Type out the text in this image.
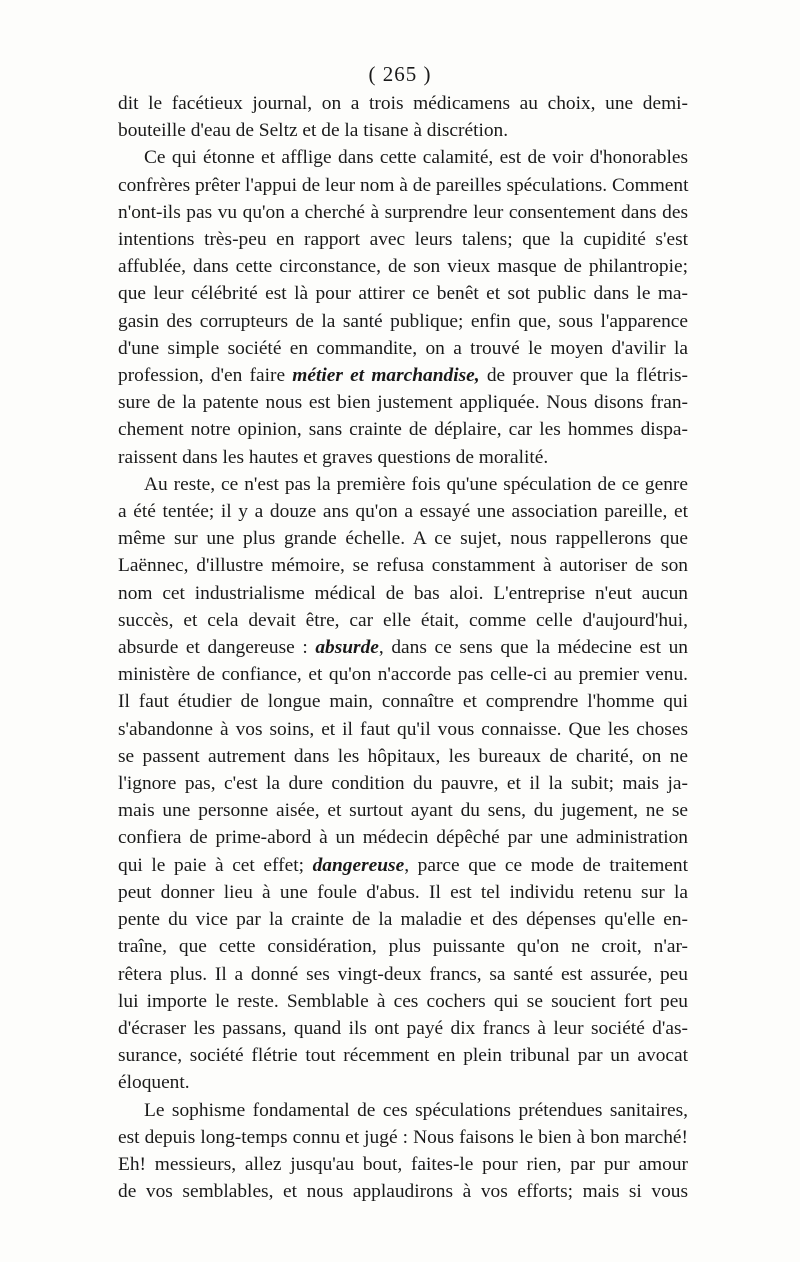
( 265 )

dit le facétieux journal, on a trois médicamens au choix, une demi-
bouteille d'eau de Seltz et de la tisane à discrétion.

Ce qui étonne et afflige dans cette calamité, est de voir d'honorables
confrères prêter l'appui de leur nom à de pareilles spéculations. Comment
n'ont-ils pas vu qu'on a cherché à surprendre leur consentement dans des
intentions très-peu en rapport avec leurs talens; que la cupidité s'est
affublée, dans cette circonstance, de son vieux masque de philantropie;
que leur célébrité est là pour attirer ce benêt et sot public dans le ma-
gasin des corrupteurs de la santé publique; enfin que, sous l'apparence
d'une simple société en commandite, on a trouvé le moyen d'avilir la
profession, d'en faire métier et marchandise, de prouver que la flétris-
sure de la patente nous est bien justement appliquée. Nous disons fran-
chement notre opinion, sans crainte de déplaire, car les hommes dispa-
raissent dans les hautes et graves questions de moralité.

Au reste, ce n'est pas la première fois qu'une spéculation de ce genre
a été tentée; il y a douze ans qu'on a essayé une association pareille, et
même sur une plus grande échelle. A ce sujet, nous rappellerons que
Laënnec, d'illustre mémoire, se refusa constamment à autoriser de son
nom cet industrialisme médical de bas aloi. L'entreprise n'eut aucun
succès, et cela devait être, car elle était, comme celle d'aujourd'hui,
absurde et dangereuse : absurde, dans ce sens que la médecine est un
ministère de confiance, et qu'on n'accorde pas celle-ci au premier venu.
Il faut étudier de longue main, connaître et comprendre l'homme qui
s'abandonne à vos soins, et il faut qu'il vous connaisse. Que les choses
se passent autrement dans les hôpitaux, les bureaux de charité, on ne
l'ignore pas, c'est la dure condition du pauvre, et il la subit; mais ja-
mais une personne aisée, et surtout ayant du sens, du jugement, ne se
confiera de prime-abord à un médecin dépêché par une administration
qui le paie à cet effet; dangereuse, parce que ce mode de traitement
peut donner lieu à une foule d'abus. Il est tel individu retenu sur la
pente du vice par la crainte de la maladie et des dépenses qu'elle en-
traîne, que cette considération, plus puissante qu'on ne croit, n'ar-
rêtera plus. Il a donné ses vingt-deux francs, sa santé est assurée, peu
lui importe le reste. Semblable à ces cochers qui se soucient fort peu
d'écraser les passans, quand ils ont payé dix francs à leur société d'as-
surance, société flétrie tout récemment en plein tribunal par un avocat
éloquent.

Le sophisme fondamental de ces spéculations prétendues sanitaires,
est depuis long-temps connu et jugé : Nous faisons le bien à bon marché!
Eh! messieurs, allez jusqu'au bout, faites-le pour rien, par pur amour
de vos semblables, et nous applaudirons à vos efforts; mais si vous
